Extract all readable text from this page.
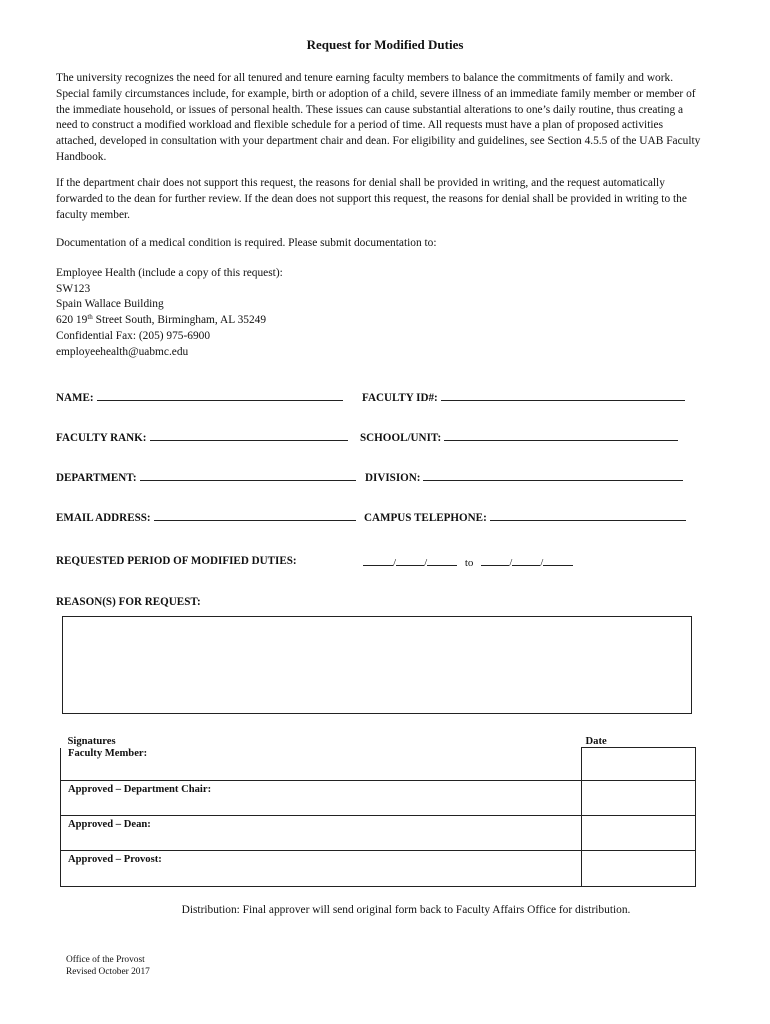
Request for Modified Duties

The university recognizes the need for all tenured and tenure earning faculty members to balance the commitments of family and work. Special family circumstances include, for example, birth or adoption of a child, severe illness of an immediate family member or member of the immediate household, or issues of personal health. These issues can cause substantial alterations to one’s daily routine, thus creating a need to construct a modified workload and flexible schedule for a period of time. All requests must have a plan of proposed activities attached, developed in consultation with your department chair and dean. For eligibility and guidelines, see Section 4.5.5 of the UAB Faculty Handbook.

If the department chair does not support this request, the reasons for denial shall be provided in writing, and the request automatically forwarded to the dean for further review. If the dean does not support this request, the reasons for denial shall be provided in writing to the faculty member.

Documentation of a medical condition is required. Please submit documentation to:

Employee Health (include a copy of this request):
SW123
Spain Wallace Building
620 19th Street South, Birmingham, AL 35249
Confidential Fax: (205) 975-6900
employeehealth@uabmc.edu
NAME:	FACULTY ID#:
FACULTY RANK:	SCHOOL/UNIT:
DEPARTMENT:	DIVISION:
EMAIL ADDRESS:	CAMPUS TELEPHONE:
REQUESTED PERIOD OF MODIFIED DUTIES:	/	/	to	/	/
REASON(S) FOR REQUEST:
Signatures	Date
Faculty Member:	
Approved – Department Chair:	
Approved – Dean:	
Approved – Provost:	
Distribution: Final approver will send original form back to Faculty Affairs Office for distribution.
Office of the Provost
Revised October 2017
